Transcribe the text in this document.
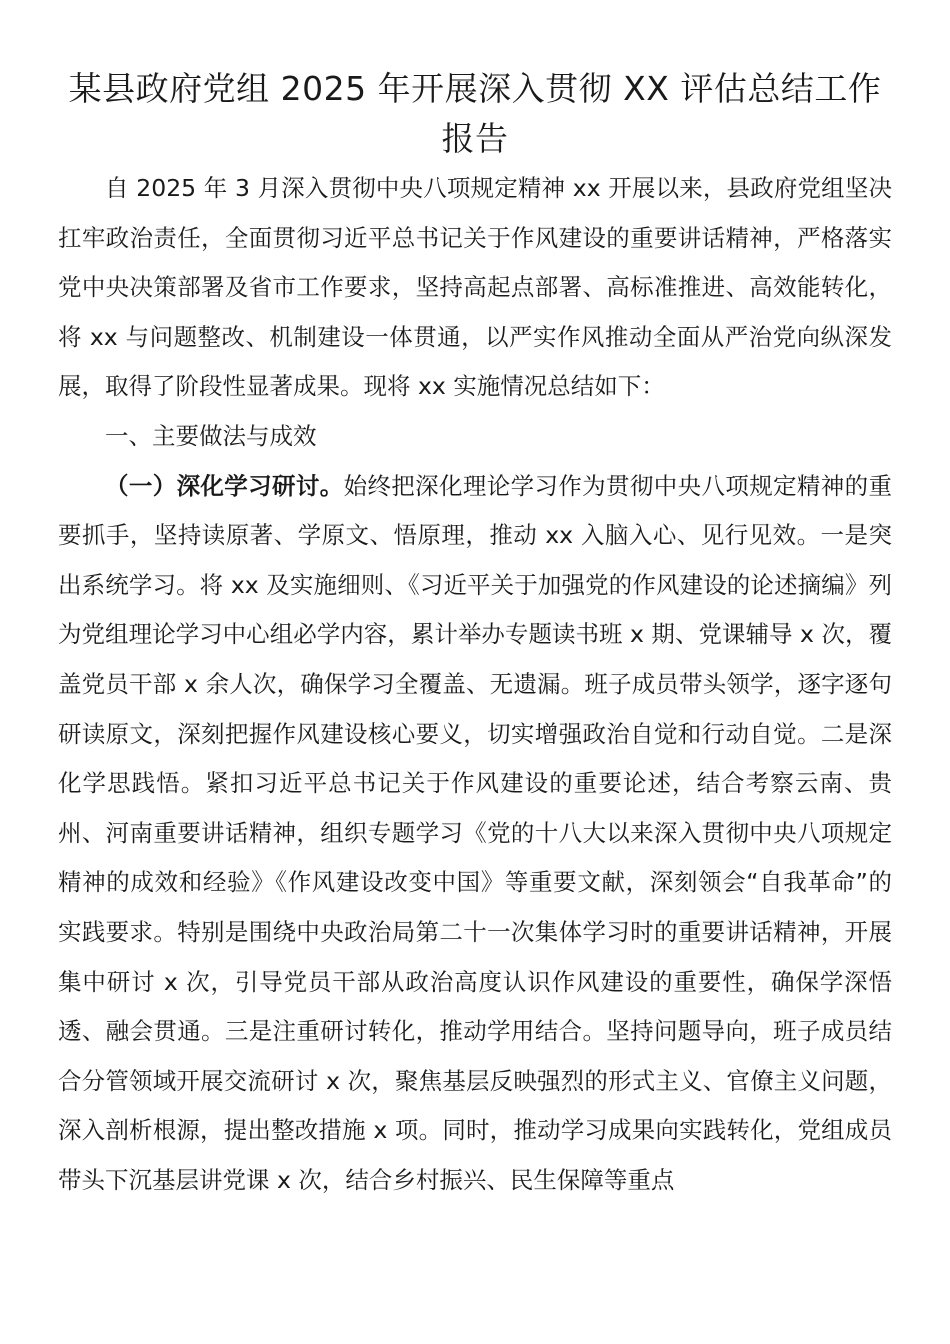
某县政府党组 2025 年开展深入贯彻 XX 评估总结工作
报告

自 2025 年 3 月深入贯彻中央八项规定精神 xx 开展以来，县政府党组坚决扛牢政治责任，全面贯彻习近平总书记关于作风建设的重要讲话精神，严格落实党中央决策部署及省市工作要求，坚持高起点部署、高标准推进、高效能转化，将 xx 与问题整改、机制建设一体贯通，以严实作风推动全面从严治党向纵深发展，取得了阶段性显著成果。现将 xx 实施情况总结如下：

一、主要做法与成效

（一）深化学习研讨。始终把深化理论学习作为贯彻中央八项规定精神的重要抓手，坚持读原著、学原文、悟原理，推动 xx 入脑入心、见行见效。一是突出系统学习。将 xx 及实施细则、《习近平关于加强党的作风建设的论述摘编》列为党组理论学习中心组必学内容，累计举办专题读书班 x 期、党课辅导 x 次，覆盖党员干部 x 余人次，确保学习全覆盖、无遗漏。班子成员带头领学，逐字逐句研读原文，深刻把握作风建设核心要义，切实增强政治自觉和行动自觉。二是深化学思践悟。紧扣习近平总书记关于作风建设的重要论述，结合考察云南、贵州、河南重要讲话精神，组织专题学习《党的十八大以来深入贯彻中央八项规定精神的成效和经验》《作风建设改变中国》等重要文献，深刻领会“自我革命”的实践要求。特别是围绕中央政治局第二十一次集体学习时的重要讲话精神，开展集中研讨 x 次，引导党员干部从政治高度认识作风建设的重要性，确保学深悟透、融会贯通。三是注重研讨转化，推动学用结合。坚持问题导向，班子成员结合分管领域开展交流研讨 x 次，聚焦基层反映强烈的形式主义、官僚主义问题，深入剖析根源，提出整改措施 x 项。同时，推动学习成果向实践转化，党组成员带头下沉基层讲党课 x 次，结合乡村振兴、民生保障等重点
